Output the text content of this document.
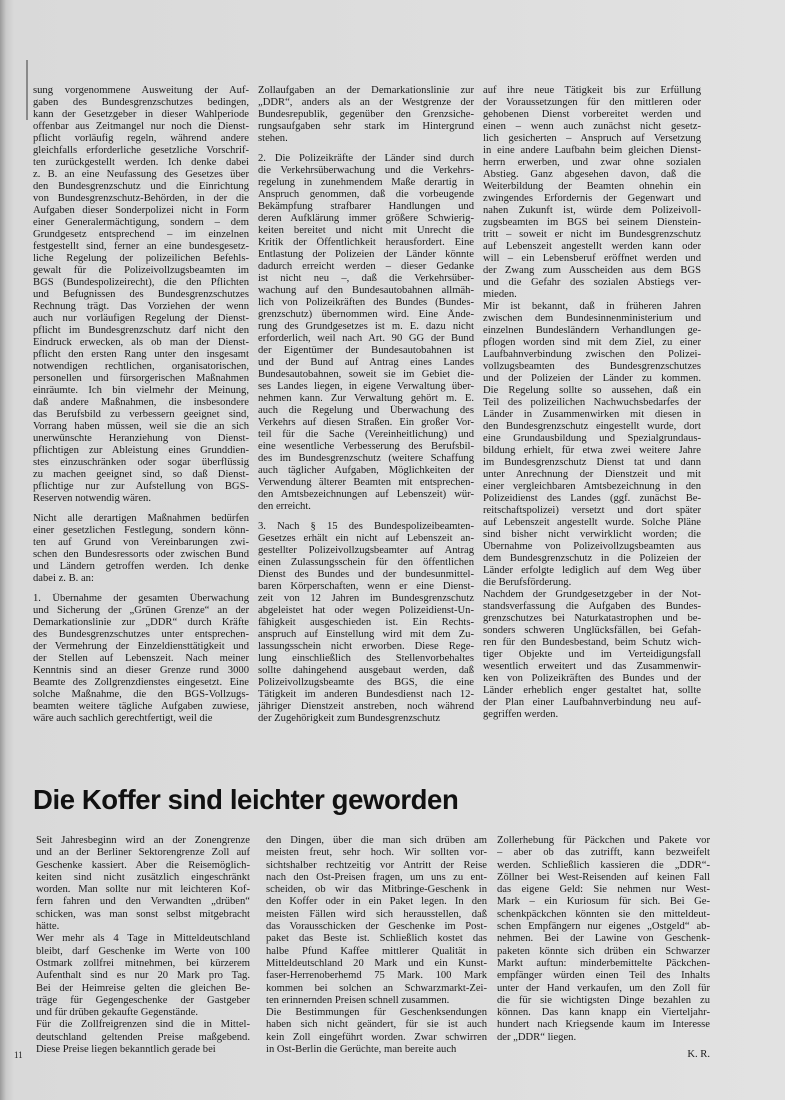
sung vorgenommene Ausweitung der Auf-
gaben des Bundesgrenzschutzes bedingen,
kann der Gesetzgeber in dieser Wahlperiode
offenbar aus Zeitmangel nur noch die Dienst-
pflicht vorläufig regeln, während andere
gleichfalls erforderliche gesetzliche Vorschrif-
ten zurückgestellt werden. Ich denke dabei
z. B. an eine Neufassung des Gesetzes über
den Bundesgrenzschutz und die Einrichtung
von Bundesgrenzschutz-Behörden, in der die
Aufgaben dieser Sonderpolizei nicht in Form
einer Generalermächtigung, sondern – dem
Grundgesetz entsprechend – im einzelnen
festgestellt sind, ferner an eine bundesgesetz-
liche Regelung der polizeilichen Befehls-
gewalt für die Polizeivollzugsbeamten im
BGS (Bundespolizeirecht), die den Pflichten
und Befugnissen des Bundesgrenzschutzes
Rechnung trägt. Das Vorziehen der wenn
auch nur vorläufigen Regelung der Dienst-
pflicht im Bundesgrenzschutz darf nicht den
Eindruck erwecken, als ob man der Dienst-
pflicht den ersten Rang unter den insgesamt
notwendigen rechtlichen, organisatorischen,
personellen und fürsorgerischen Maßnahmen
einräumte. Ich bin vielmehr der Meinung,
daß andere Maßnahmen, die insbesondere
das Berufsbild zu verbessern geeignet sind,
Vorrang haben müssen, weil sie die an sich
unerwünschte Heranziehung von Dienst-
pflichtigen zur Ableistung eines Grunddien-
stes einzuschränken oder sogar überflüssig
zu machen geeignet sind, so daß Dienst-
pflichtige nur zur Aufstellung von BGS-
Reserven notwendig wären.
Nicht alle derartigen Maßnahmen bedürfen
einer gesetzlichen Festlegung, sondern könn-
ten auf Grund von Vereinbarungen zwi-
schen den Bundesressorts oder zwischen Bund
und Ländern getroffen werden. Ich denke
dabei z. B. an:
1. Übernahme der gesamten Überwachung
und Sicherung der „Grünen Grenze“ an der
Demarkationslinie zur „DDR“ durch Kräfte
des Bundesgrenzschutzes unter entsprechen-
der Vermehrung der Einzeldiensttätigkeit und
der Stellen auf Lebenszeit. Nach meiner
Kenntnis sind an dieser Grenze rund 3000
Beamte des Zollgrenzdienstes eingesetzt. Eine
solche Maßnahme, die den BGS-Vollzugs-
beamten weitere tägliche Aufgaben zuwiese,
wäre auch sachlich gerechtfertigt, weil die
Zollaufgaben an der Demarkationslinie zur
„DDR“, anders als an der Westgrenze der
Bundesrepublik, gegenüber den Grenzsiche-
rungsaufgaben sehr stark im Hintergrund
stehen.
2. Die Polizeikräfte der Länder sind durch
die Verkehrsüberwachung und die Verkehrs-
regelung in zunehmendem Maße derartig in
Anspruch genommen, daß die vorbeugende
Bekämpfung strafbarer Handlungen und
deren Aufklärung immer größere Schwierig-
keiten bereitet und nicht mit Unrecht die
Kritik der Öffentlichkeit herausfordert. Eine
Entlastung der Polizeien der Länder könnte
dadurch erreicht werden – dieser Gedanke
ist nicht neu –, daß die Verkehrsüber-
wachung auf den Bundesautobahnen allmäh-
lich von Polizeikräften des Bundes (Bundes-
grenzschutz) übernommen wird. Eine Ände-
rung des Grundgesetzes ist m. E. dazu nicht
erforderlich, weil nach Art. 90 GG der Bund
der Eigentümer der Bundesautobahnen ist
und der Bund auf Antrag eines Landes
Bundesautobahnen, soweit sie im Gebiet die-
ses Landes liegen, in eigene Verwaltung über-
nehmen kann. Zur Verwaltung gehört m. E.
auch die Regelung und Überwachung des
Verkehrs auf diesen Straßen. Ein großer Vor-
teil für die Sache (Vereinheitlichung) und
eine wesentliche Verbesserung des Berufsbil-
des im Bundesgrenzschutz (weitere Schaffung
auch täglicher Aufgaben, Möglichkeiten der
Verwendung älterer Beamten mit entsprechen-
den Amtsbezeichnungen auf Lebenszeit) wür-
den erreicht.
3. Nach § 15 des Bundespolizeibeamten-
Gesetzes erhält ein nicht auf Lebenszeit an-
gestellter Polizeivollzugsbeamter auf Antrag
einen Zulassungsschein für den öffentlichen
Dienst des Bundes und der bundesunmittel-
baren Körperschaften, wenn er eine Dienst-
zeit von 12 Jahren im Bundesgrenzschutz
abgeleistet hat oder wegen Polizeidienst-Un-
fähigkeit ausgeschieden ist. Ein Rechts-
anspruch auf Einstellung wird mit dem Zu-
lassungsschein nicht erworben. Diese Rege-
lung einschließlich des Stellenvorbehaltes
sollte dahingehend ausgebaut werden, daß
Polizeivollzugsbeamte des BGS, die eine
Tätigkeit im anderen Bundesdienst nach 12-
jähriger Dienstzeit anstreben, noch während
der Zugehörigkeit zum Bundesgrenzschutz
auf ihre neue Tätigkeit bis zur Erfüllung
der Voraussetzungen für den mittleren oder
gehobenen Dienst vorbereitet werden und
einen – wenn auch zunächst nicht gesetz-
lich gesicherten – Anspruch auf Versetzung
in eine andere Laufbahn beim gleichen Dienst-
herrn erwerben, und zwar ohne sozialen
Abstieg. Ganz abgesehen davon, daß die
Weiterbildung der Beamten ohnehin ein
zwingendes Erfordernis der Gegenwart und
nahen Zukunft ist, würde dem Polizeivoll-
zugsbeamten im BGS bei seinem Dienstein-
tritt – soweit er nicht im Bundesgrenzschutz
auf Lebenszeit angestellt werden kann oder
will – ein Lebensberuf eröffnet werden und
der Zwang zum Ausscheiden aus dem BGS
und die Gefahr des sozialen Abstiegs ver-
mieden.
Mir ist bekannt, daß in früheren Jahren
zwischen dem Bundesinnenministerium und
einzelnen Bundesländern Verhandlungen ge-
pflogen worden sind mit dem Ziel, zu einer
Laufbahnverbindung zwischen den Polizei-
vollzugsbeamten des Bundesgrenzschutzes
und der Polizeien der Länder zu kommen.
Die Regelung sollte so aussehen, daß ein
Teil des polizeilichen Nachwuchsbedarfes der
Länder in Zusammenwirken mit diesen in
den Bundesgrenzschutz eingestellt wurde, dort
eine Grundausbildung und Spezialgrundaus-
bildung erhielt, für etwa zwei weitere Jahre
im Bundesgrenzschutz Dienst tat und dann
unter Anrechnung der Dienstzeit und mit
einer vergleichbaren Amtsbezeichnung in den
Polizeidienst des Landes (ggf. zunächst Be-
reitschaftspolizei) versetzt und dort später
auf Lebenszeit angestellt wurde. Solche Pläne
sind bisher nicht verwirklicht worden; die
Übernahme von Polizeivollzugsbeamten aus
dem Bundesgrenzschutz in die Polizeien der
Länder erfolgte lediglich auf dem Weg über
die Berufsförderung.
Nachdem der Grundgesetzgeber in der Not-
standsverfassung die Aufgaben des Bundes-
grenzschutzes bei Naturkatastrophen und be-
sonders schweren Unglücksfällen, bei Gefah-
ren für den Bundesbestand, beim Schutz wich-
tiger Objekte und im Verteidigungsfall
wesentlich erweitert und das Zusammenwir-
ken von Polizeikräften des Bundes und der
Länder erheblich enger gestaltet hat, sollte
der Plan einer Laufbahnverbindung neu auf-
gegriffen werden.
Die Koffer sind leichter geworden
Seit Jahresbeginn wird an der Zonengrenze
und an der Berliner Sektorengrenze Zoll auf
Geschenke kassiert. Aber die Reisemöglich-
keiten sind nicht zusätzlich eingeschränkt
worden. Man sollte nur mit leichteren Kof-
fern fahren und den Verwandten „drüben“
schicken, was man sonst selbst mitgebracht
hätte.
Wer mehr als 4 Tage in Mitteldeutschland
bleibt, darf Geschenke im Werte von 100
Ostmark zollfrei mitnehmen, bei kürzerem
Aufenthalt sind es nur 20 Mark pro Tag.
Bei der Heimreise gelten die gleichen Be-
träge für Gegengeschenke der Gastgeber
und für drüben gekaufte Gegenstände.
Für die Zollfreigrenzen sind die in Mittel-
deutschland geltenden Preise maßgebend.
Diese Preise liegen bekanntlich gerade bei
den Dingen, über die man sich drüben am
meisten freut, sehr hoch. Wir sollten vor-
sichtshalber rechtzeitig vor Antritt der Reise
nach den Ost-Preisen fragen, um uns zu ent-
scheiden, ob wir das Mitbringe-Geschenk in
den Koffer oder in ein Paket legen. In den
meisten Fällen wird sich herausstellen, daß
das Vorausschicken der Geschenke im Post-
paket das Beste ist. Schließlich kostet das
halbe Pfund Kaffee mittlerer Qualität in
Mitteldeutschland 20 Mark und ein Kunst-
faser-Herrenoberhemd 75 Mark. 100 Mark
kommen bei solchen an Schwarzmarkt-Zei-
ten erinnernden Preisen schnell zusammen.
Die Bestimmungen für Geschenksendungen
haben sich nicht geändert, für sie ist auch
kein Zoll eingeführt worden. Zwar schwirren
in Ost-Berlin die Gerüchte, man bereite auch
Zollerhebung für Päckchen und Pakete vor
– aber ob das zutrifft, kann bezweifelt
werden. Schließlich kassieren die „DDR“-
Zöllner bei West-Reisenden auf keinen Fall
das eigene Geld: Sie nehmen nur West-
Mark – ein Kuriosum für sich. Bei Ge-
schenkpäckchen könnten sie den mitteldeut-
schen Empfängern nur eigenes „Ostgeld“ ab-
nehmen. Bei der Lawine von Geschenk-
paketen könnte sich drüben ein Schwarzer
Markt auftun: minderbemittelte Päckchen-
empfänger würden einen Teil des Inhalts
unter der Hand verkaufen, um den Zoll für
die für sie wichtigsten Dinge bezahlen zu
können. Das kann knapp ein Vierteljahr-
hundert nach Kriegsende kaum im Interesse
der „DDR“ liegen.
K. R.
11
